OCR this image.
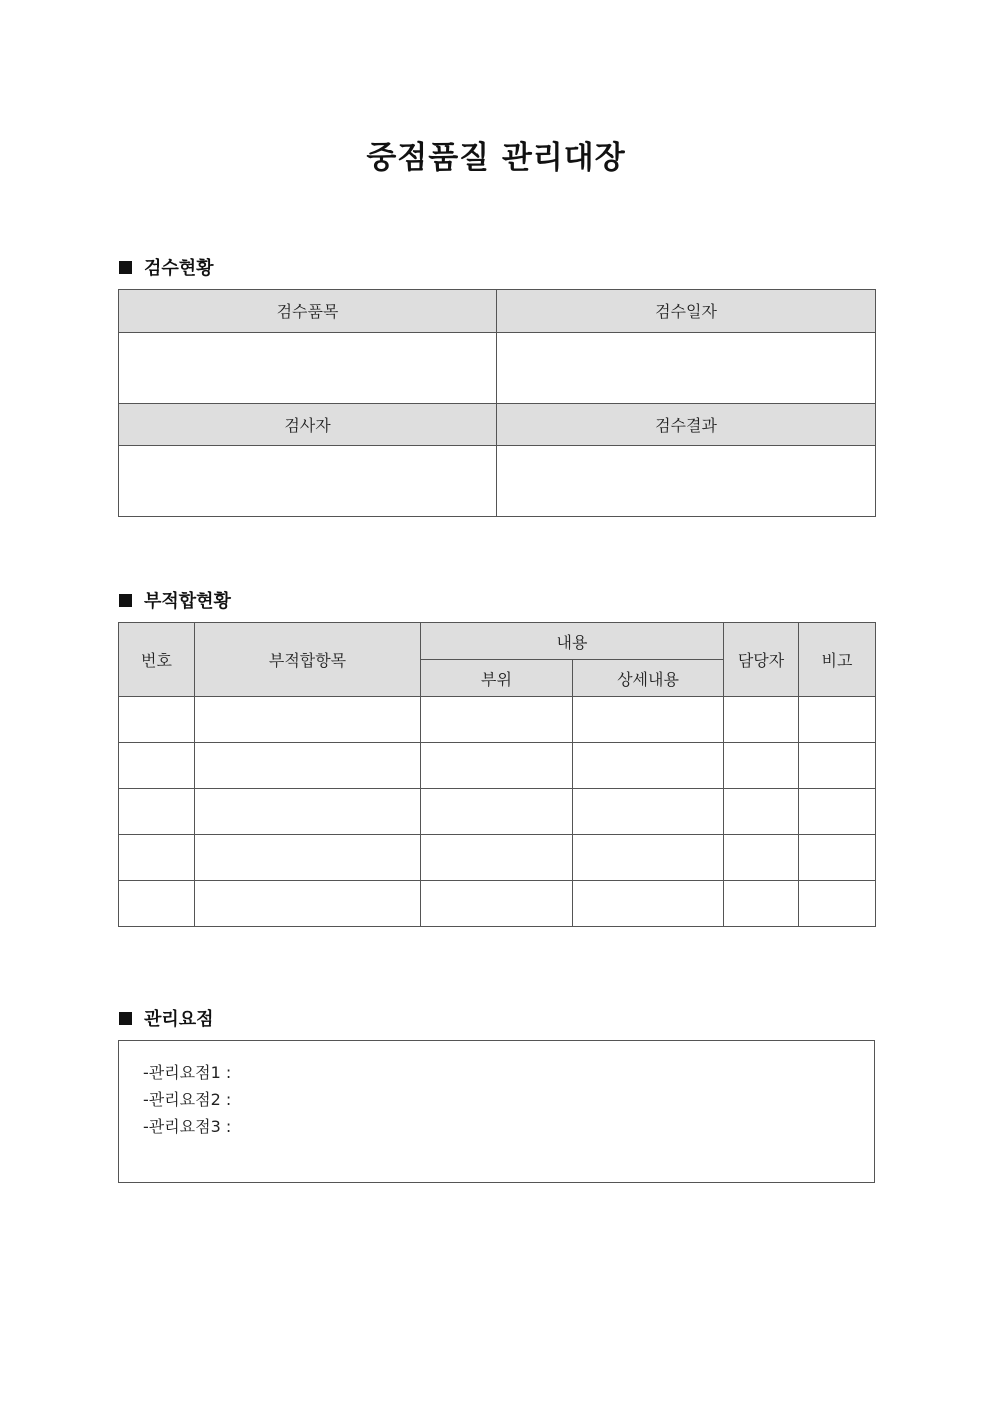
중점품질 관리대장
검수현황
검수품목	검수일자

검사자	검수결과

부적합현황
번호	부적합항목	내용		담당자	비고
		부위	상세내용		

관리요점
-관리요점1 :
-관리요점2 :
-관리요점3 :
